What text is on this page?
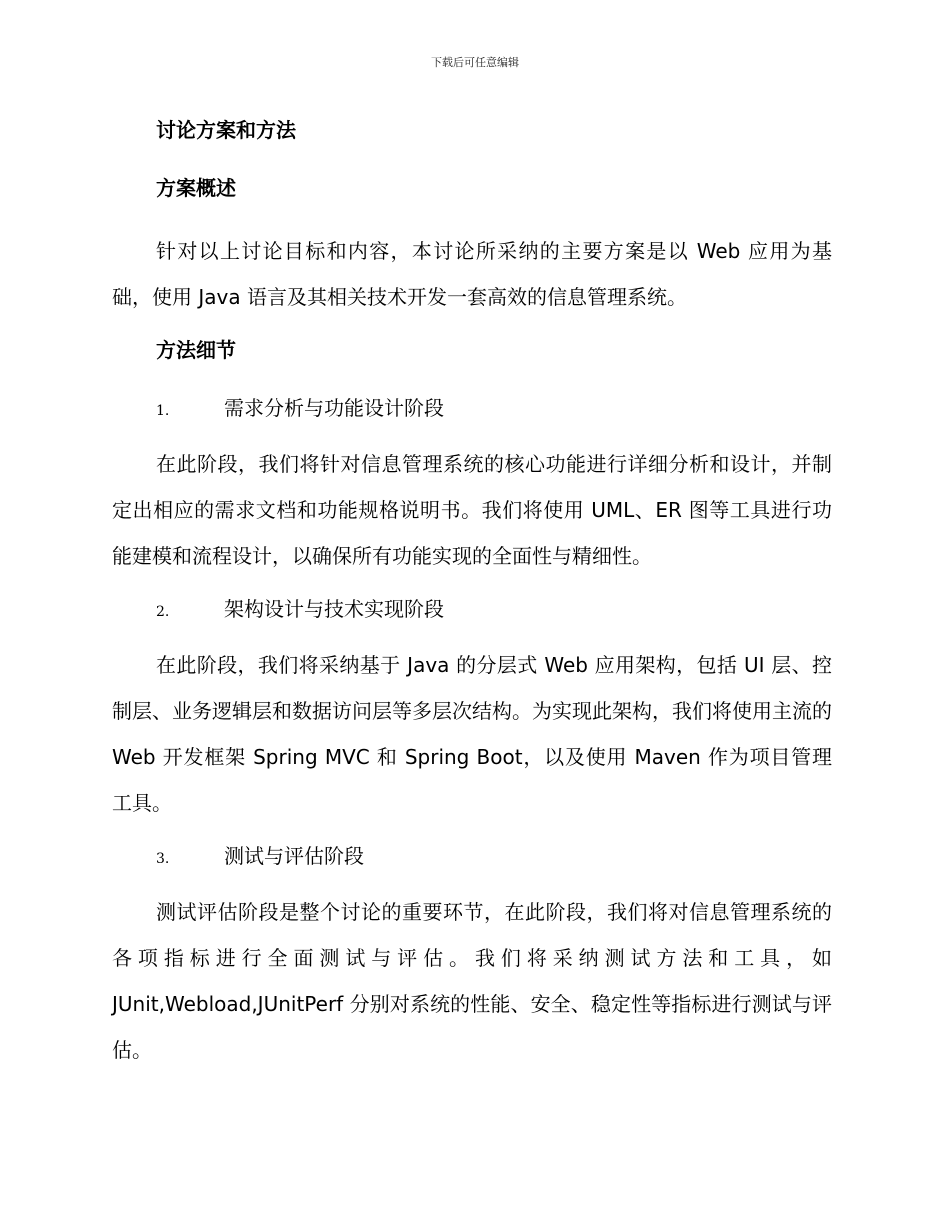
下载后可任意编辑
讨论方案和方法
方案概述

针对以上讨论目标和内容，本讨论所采纳的主要方案是以 Web 应用为基础，使用 Java 语言及其相关技术开发一套高效的信息管理系统。

方法细节
1.	需求分析与功能设计阶段

在此阶段，我们将针对信息管理系统的核心功能进行详细分析和设计，并制定出相应的需求文档和功能规格说明书。我们将使用 UML、ER 图等工具进行功能建模和流程设计，以确保所有功能实现的全面性与精细性。

2.	架构设计与技术实现阶段

在此阶段，我们将采纳基于 Java 的分层式 Web 应用架构，包括 UI 层、控制层、业务逻辑层和数据访问层等多层次结构。为实现此架构，我们将使用主流的 Web 开发框架 Spring MVC 和 Spring Boot，以及使用 Maven 作为项目管理工具。

3.	测试与评估阶段

测试评估阶段是整个讨论的重要环节，在此阶段，我们将对信息管理系统的各项指标进行全面测试与评估。我们将采纳测试方法和工具，如 JUnit,Webload,JUnitPerf 分别对系统的性能、安全、稳定性等指标进行测试与评估。
